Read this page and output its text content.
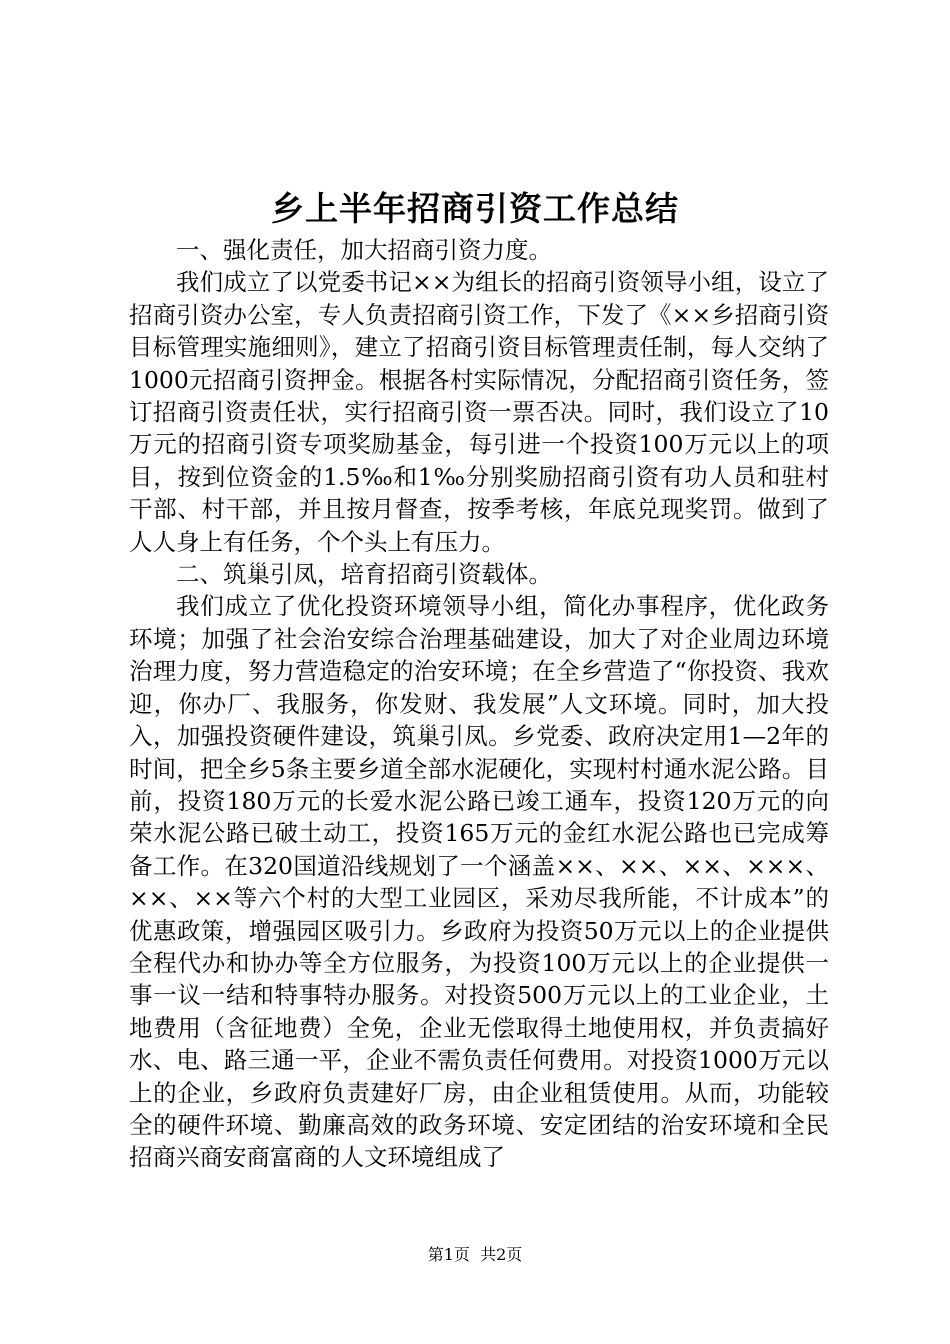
乡上半年招商引资工作总结

一、强化责任，加大招商引资力度。

我们成立了以党委书记××为组长的招商引资领导小组，设立了招商引资办公室，专人负责招商引资工作，下发了《××乡招商引资目标管理实施细则》，建立了招商引资目标管理责任制，每人交纳了1000元招商引资押金。根据各村实际情况，分配招商引资任务，签订招商引资责任状，实行招商引资一票否决。同时，我们设立了10万元的招商引资专项奖励基金，每引进一个投资100万元以上的项目，按到位资金的1.5‰和1‰分别奖励招商引资有功人员和驻村干部、村干部，并且按月督查，按季考核，年底兑现奖罚。做到了人人身上有任务，个个头上有压力。

二、筑巢引凤，培育招商引资载体。

我们成立了优化投资环境领导小组，简化办事程序，优化政务环境；加强了社会治安综合治理基础建设，加大了对企业周边环境治理力度，努力营造稳定的治安环境；在全乡营造了“你投资、我欢迎，你办厂、我服务，你发财、我发展”人文环境。同时，加大投入，加强投资硬件建设，筑巢引凤。乡党委、政府决定用1—2年的时间，把全乡5条主要乡道全部水泥硬化，实现村村通水泥公路。目前，投资180万元的长爱水泥公路已竣工通车，投资120万元的向荣水泥公路已破土动工，投资165万元的金红水泥公路也已完成筹备工作。在320国道沿线规划了一个涵盖××、××、××、×××、××、××等六个村的大型工业园区，采劝尽我所能，不计成本”的优惠政策，增强园区吸引力。乡政府为投资50万元以上的企业提供全程代办和协办等全方位服务，为投资100万元以上的企业提供一事一议一结和特事特办服务。对投资500万元以上的工业企业，土地费用（含征地费）全免，企业无偿取得土地使用权，并负责搞好水、电、路三通一平，企业不需负责任何费用。对投资1000万元以上的企业，乡政府负责建好厂房，由企业租赁使用。从而，功能较全的硬件环境、勤廉高效的政务环境、安定团结的治安环境和全民招商兴商安商富商的人文环境组成了

第1页  共2页
